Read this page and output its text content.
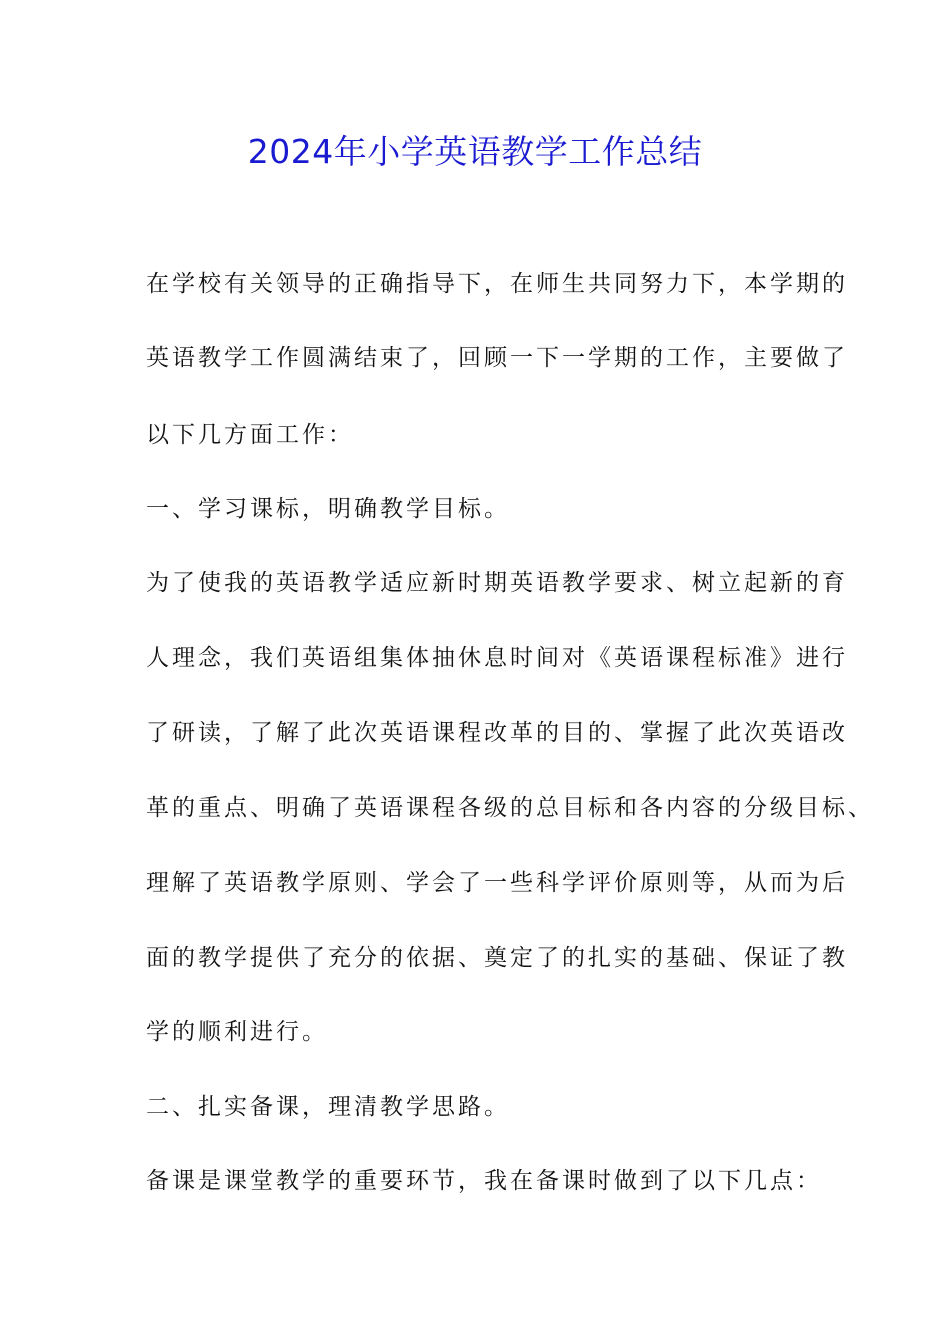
2024年小学英语教学工作总结
在学校有关领导的正确指导下，在师生共同努力下，本学期的
英语教学工作圆满结束了，回顾一下一学期的工作，主要做了
以下几方面工作：
一、学习课标，明确教学目标。
为了使我的英语教学适应新时期英语教学要求、树立起新的育
人理念，我们英语组集体抽休息时间对《英语课程标准》进行
了研读，了解了此次英语课程改革的目的、掌握了此次英语改
革的重点、明确了英语课程各级的总目标和各内容的分级目标、
理解了英语教学原则、学会了一些科学评价原则等，从而为后
面的教学提供了充分的依据、奠定了的扎实的基础、保证了教
学的顺利进行。
二、扎实备课，理清教学思路。
备课是课堂教学的重要环节，我在备课时做到了以下几点：
